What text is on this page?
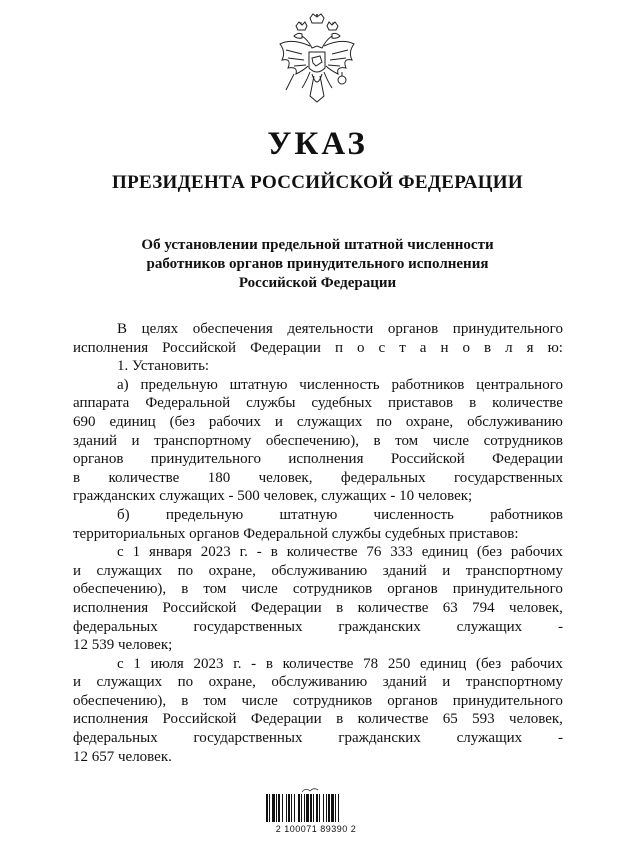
УКАЗ
ПРЕЗИДЕНТА РОССИЙСКОЙ ФЕДЕРАЦИИ
Об установлении предельной штатной численности
работников органов принудительного исполнения
Российской Федерации
В целях обеспечения деятельности органов принудительного
исполнения Российской Федерации п о с т а н о в л я ю:
1. Установить:
а) предельную штатную численность работников центрального
аппарата Федеральной службы судебных приставов в количестве
690 единиц (без рабочих и служащих по охране, обслуживанию
зданий и транспортному обеспечению), в том числе сотрудников
органов принудительного исполнения Российской Федерации
в количестве 180 человек, федеральных государственных
гражданских служащих - 500 человек, служащих - 10 человек;
б) предельную штатную численность работников
территориальных органов Федеральной службы судебных приставов:
с 1 января 2023 г. - в количестве 76 333 единиц (без рабочих
и служащих по охране, обслуживанию зданий и транспортному
обеспечению), в том числе сотрудников органов принудительного
исполнения Российской Федерации в количестве 63 794 человек,
федеральных государственных гражданских служащих -
12 539 человек;
с 1 июля 2023 г. - в количестве 78 250 единиц (без рабочих
и служащих по охране, обслуживанию зданий и транспортному
обеспечению), в том числе сотрудников органов принудительного
исполнения Российской Федерации в количестве 65 593 человек,
федеральных государственных гражданских служащих -
12 657 человек.
2 100071 89390 2
